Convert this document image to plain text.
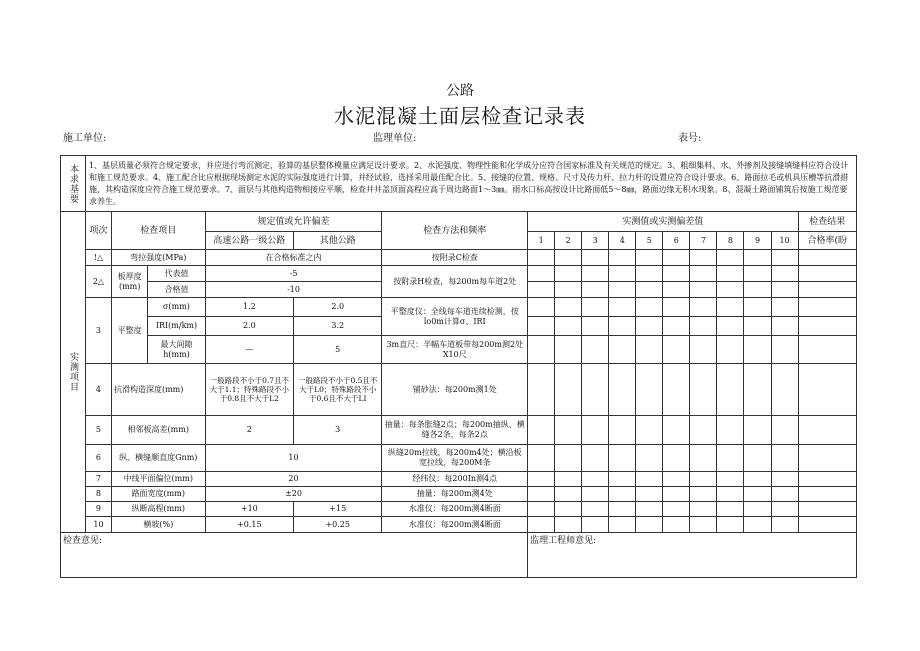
公路
水泥混凝土面层检查记录表
施工单位:	监理单位:	表号:
本求基要	1、基层质量必须符合规定要求，并应进行弯沉测定，验算的基层整体模量应满足设计要求。2、水泥强度、物理性能和化学成分应符合国家标准及有关规范的规定。3、粗细集料、水、外掺剂及接缝填缝料应符合设计和施工规范要求。4、施工配合比应根据现场测定水泥的实际强度进行计算，并经试验，选择采用最佳配合比。5、接缝的位置、规格、尺寸及传力杆、拉力杆的设置应符合设计要求。6、路面拉毛或机具压槽等抗滑措施，其构造深度应符合施工规范要求。7、面层与其他构造物相接应平顺，检查井井盖顶面高程应高于周边路面1～3㎜。雨水口标高按设计比路面低5～8㎜，路面边缘无积水现象。8、混凝土路面铺筑后按施工规范要求养生。																
实测项目	项次	检查项目		规定值或允许偏差		检查方法和频率	实测值或实测偏差值										检查结果
				高速公路一级公路	其他公路		1	2	3	4	5	6	7	8	9	10	合格率(盼
	!△	弯拉强度(MPa)		在合格标准之内		按附录C检查											
	2△	板厚度(mm)	代表值	-5		按附录H检查，每200m每车道2处											
			合格值	-10													
	3	平整度	σ(mm)	1.2	2.0	平整度仪：全线每车道连续检测，按lo0m计算σ、IRI											
			IRI(m/km)	2.0	3.2												
			最大间隙h(mm)	—	5	3m直尺：半幅车道板带每200m测2处X10尺											
	4	抗滑构造深度(mm)		一般路段不小于0.7且不大于1.1；特殊路段不小于0.8且不大于L2	一般路段不小于0.5且不大于L0；特殊路段不小于0.6且不大于LI	铺砂法：每200m测1处											
	5	相邻板高差(mm)		2	3	抽量：每条胀缝2点；每200m抽纵、横缝各2条，每条2点											
	6	纵、横缝顺直度Gnm)		10		纵缝20m拉线，每200m4处；横沿板宽拉线，每200M条											
	7	中线平面偏位(mm)		20		经纬仪：每200In测4点											
	8	路面宽度(mm)		±20		抽量：每200m测4处											
	9	纵断高程(mm)		+10	+15	水准仪：每200m测4断面											
	10	横坡(%)		+0.15	+0.25	水准仪：每200m测4断面											
检查意见:							监理工程师意见:										
